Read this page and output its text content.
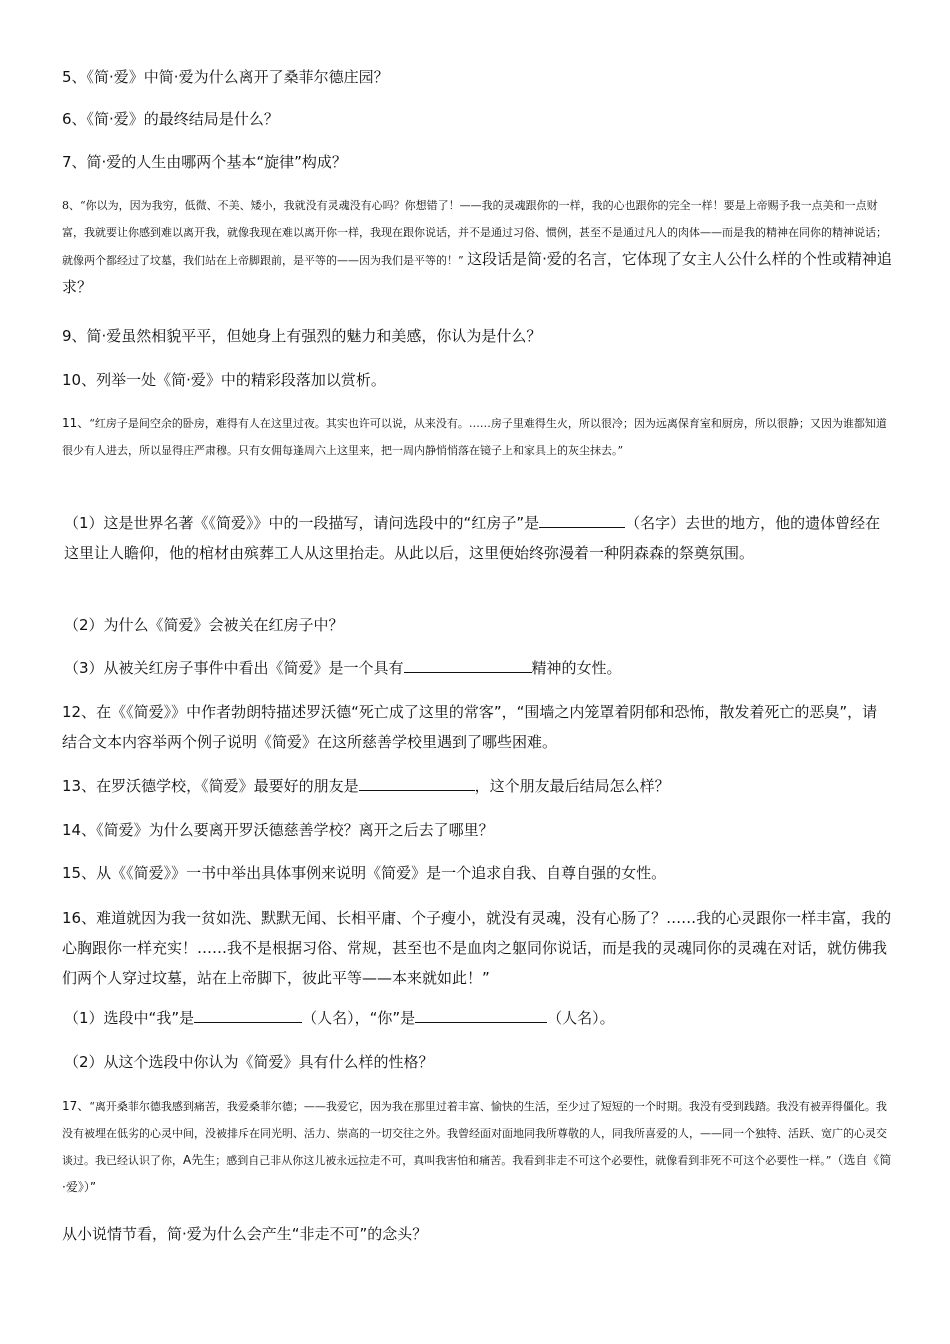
5、《简·爱》中简·爱为什么离开了桑菲尔德庄园？

6、《简·爱》的最终结局是什么？

7、简·爱的人生由哪两个基本“旋律”构成？

8、“你以为，因为我穷，低微、不美、矮小，我就没有灵魂没有心吗？你想错了！——我的灵魂跟你的一样，我的心也跟你的完全一样！要是上帝赐予我一点美和一点财富，我就要让你感到难以离开我，就像我现在难以离开你一样，我现在跟你说话，并不是通过习俗、惯例，甚至不是通过凡人的肉体——而是我的精神在同你的精神说话；就像两个都经过了坟墓，我们站在上帝脚跟前，是平等的——因为我们是平等的！” 这段话是简·爱的名言，它体现了女主人公什么样的个性或精神追求？

9、简·爱虽然相貌平平，但她身上有强烈的魅力和美感，你认为是什么？

10、列举一处《简·爱》中的精彩段落加以赏析。

11、“红房子是间空余的卧房，难得有人在这里过夜。其实也许可以说，从来没有。……房子里难得生火，所以很冷；因为远离保育室和厨房，所以很静；又因为谁都知道很少有人进去，所以显得庄严肃穆。只有女佣每逢周六上这里来，把一周内静悄悄落在镜子上和家具上的灰尘抹去。”

（1）这是世界名著《《简爱》》中的一段描写，请问选段中的“红房子”是	（名字）去世的地方，他的遗体曾经在这里让人瞻仰，他的棺材由殡葬工人从这里抬走。从此以后，这里便始终弥漫着一种阴森森的祭奠氛围。

（2）为什么《简爱》会被关在红房子中？

（3）从被关红房子事件中看出《简爱》是一个具有	精神的女性。

12、在《《简爱》》中作者勃朗特描述罗沃德“死亡成了这里的常客”，“围墙之内笼罩着阴郁和恐怖，散发着死亡的恶臭”，请结合文本内容举两个例子说明《简爱》在这所慈善学校里遇到了哪些困难。

13、在罗沃德学校，《简爱》最要好的朋友是	，这个朋友最后结局怎么样？

14、《简爱》为什么要离开罗沃德慈善学校？离开之后去了哪里？

15、从《《简爱》》一书中举出具体事例来说明《简爱》是一个追求自我、自尊自强的女性。

16、难道就因为我一贫如洗、默默无闻、长相平庸、个子瘦小，就没有灵魂，没有心肠了？……我的心灵跟你一样丰富，我的心胸跟你一样充实！……我不是根据习俗、常规，甚至也不是血肉之躯同你说话，而是我的灵魂同你的灵魂在对话，就仿佛我们两个人穿过坟墓，站在上帝脚下，彼此平等——本来就如此！”

（1）选段中“我”是	（人名），“你”是	（人名）。

（2）从这个选段中你认为《简爱》具有什么样的性格？

17、“离开桑菲尔德我感到痛苦，我爱桑菲尔德；——我爱它，因为我在那里过着丰富、愉快的生活，至少过了短短的一个时期。我没有受到践踏。我没有被弄得僵化。我没有被埋在低劣的心灵中间，没被排斥在同光明、活力、崇高的一切交往之外。我曾经面对面地同我所尊敬的人，同我所喜爱的人，——同一个独特、活跃、宽广的心灵交谈过。我已经认识了你，A先生；感到自己非从你这儿被永远拉走不可，真叫我害怕和痛苦。我看到非走不可这个必要性，就像看到非死不可这个必要性一样。”（选自《简·爱》）”

从小说情节看，简·爱为什么会产生“非走不可”的念头？
